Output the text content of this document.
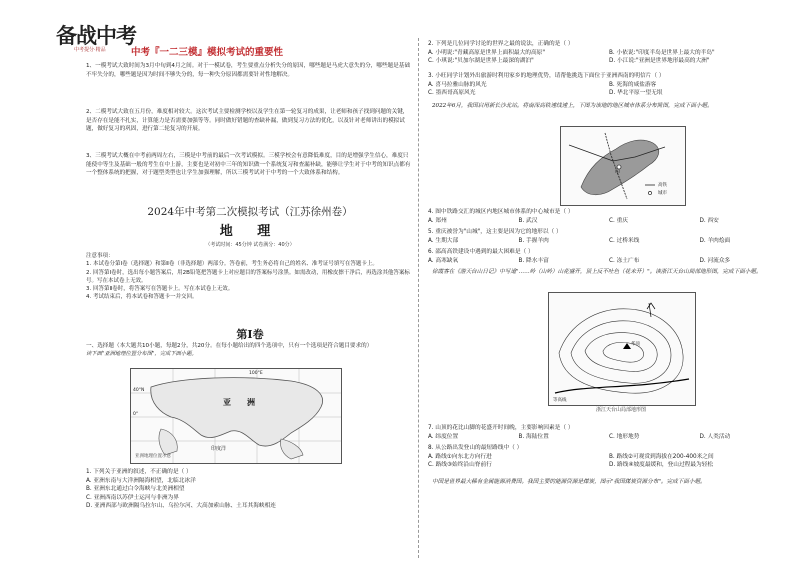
备战中考
中考提分·精品	中考『一二三模』模拟考试的重要性
1、一模考试大致时间为3月中旬到4月之间。对于一模试卷，考生要重点分析失分的原因，哪些题是马虎大意失的分，哪些题是基础不牢失分的，哪些题是因为时间不够失分的，每一种失分原因都需要针对性地解决。
2、二模考试大致在五月份，难度相对较大。这次考试主要检测学校以及学生在第一轮复习的成果，让老师和孩子找到问题的关键，是否存在是能不扎实，计算能力是否需要加强等等。同时做好错题的查缺补漏，做到复习方法的优化，以及针对老师讲出的模拟试题，做好复习的巩固，进行第二轮复习的开展。
3、三模考试大概在中考前两周左右，三模是中考前的最后一次考试模拟。三模学校会有意降低难度，目的是增强学生信心，难度只能使中等生及基础一般的考生在中上游，主要也是对初中三年的知识做一个系统复习和查漏补缺，能够让学生对于中考的知识点都有一个整体系统的把握，对于题型类型也让学生加强理解，所以三模考试对于中考的一个大致体系和结构。
2024年中考第二次模拟考试（江苏徐州卷）
地 理
（考试时间：45分钟 试卷满分：40分）
注意事项：
1. 本试卷分第Ⅰ卷（选择题）和第Ⅱ卷（非选择题）两部分。答卷前，考生务必将自己的姓名、准考证号填写在答题卡上。
2. 回答第Ⅰ卷时，选出每小题答案后，用2B铅笔把答题卡上对应题目的答案标号涂黑。如需改动，用橡皮擦干净后，再选涂其他答案标号。写在本试卷上无效。
3. 回答第Ⅱ卷时，将答案写在答题卡上。写在本试卷上无效。
4. 考试结束后，将本试卷和答题卡一并交回。
第Ⅰ卷
一、选择题（本大题共10小题，每题2分，共20分。在每小题给出的四个选项中，只有一个选项是符合题目要求的）
读下面"亚洲地理位置分布图"，完成下面小题。
亚 洲
印度洋
40°N
0°
100°E
亚洲地理位置示意
1. 下列关于亚洲的叙述，不正确的是（ ）
A. 亚洲东南与大洋洲隔海相望，北临北冰洋
B. 亚洲东北通过白令海峡与北美洲相望
C. 亚洲西南以苏伊士运河与非洲为界
D. 亚洲西部与欧洲隔乌拉尔山、乌拉尔河、大高加索山脉、土耳其海峡相连
2. 下列是几位同学讨论的世界之最的说法，正确的是（ ）
A. 小明说:"青藏高原是世界上面积最大的高原"	B. 小依说:"印度半岛是世界上最大的半岛"
C. 小琪说:"贝加尔湖是世界上最深的湖泊"	D. 小江说:"亚洲是世界地形最高的大洲"
3. 小旺同学计划外出旅游时利用家乡的地理优势，请帮他挑选下面位于亚洲西南的明信片（ ）
A. 喜马拉雅山脉的风光	B. 死海的咸盐游客
C. 墨西哥高原风光	D. 华北平原一望无垠
2022年6月，我国启用新长沙北站。将南深高铁速线速上，下图为该地的地区城市体系分布简图，完成下面小题。
甲
高铁
城市
4. 图中铁路交汇的城区内地区城市体系的中心城市是（ ）
A. 郑州	B. 武汉	C. 重庆	D. 西安
5. 重庆被誉为"山城"，这主要是因为它的地形以（ ）
A. 生期大部	B. 手握羊肉	C. 过桥米线	D. 羊肉烩面
6. 邵高高铁建设中遇到的最大困难是（ ）
A. 高寒缺氧	B. 降水丰富	C. 冻土广布	D. 河流众多
徐霞客在《游天台山日记》中写道"……岭（山岭）山花盛开，顶上反不吐色（花未开）"。读浙江天台山局部地形图，完成下面小题。
华顶
等高线
浙江天台山局部地形图
7. 山顶的花比山脚的花盛开时间晚，主要影响因素是（ ）
A. 纬度位置	B. 海陆位置	C. 地形地势	D. 人类活动
8. 从公路出发登山的最短路线中（ ）
A. 路线①向东北方向行进	B. 路线②可观赏到海拔在200-400米之间
C. 路线③始终沿山脊前行	D. 路线④坡度最缓和，登山过程最为轻松
中国是世界最大稀有金属能源消费国。我国主要的能源资源是煤炭，图示"我国煤炭资源分布"。完成下面小题。
